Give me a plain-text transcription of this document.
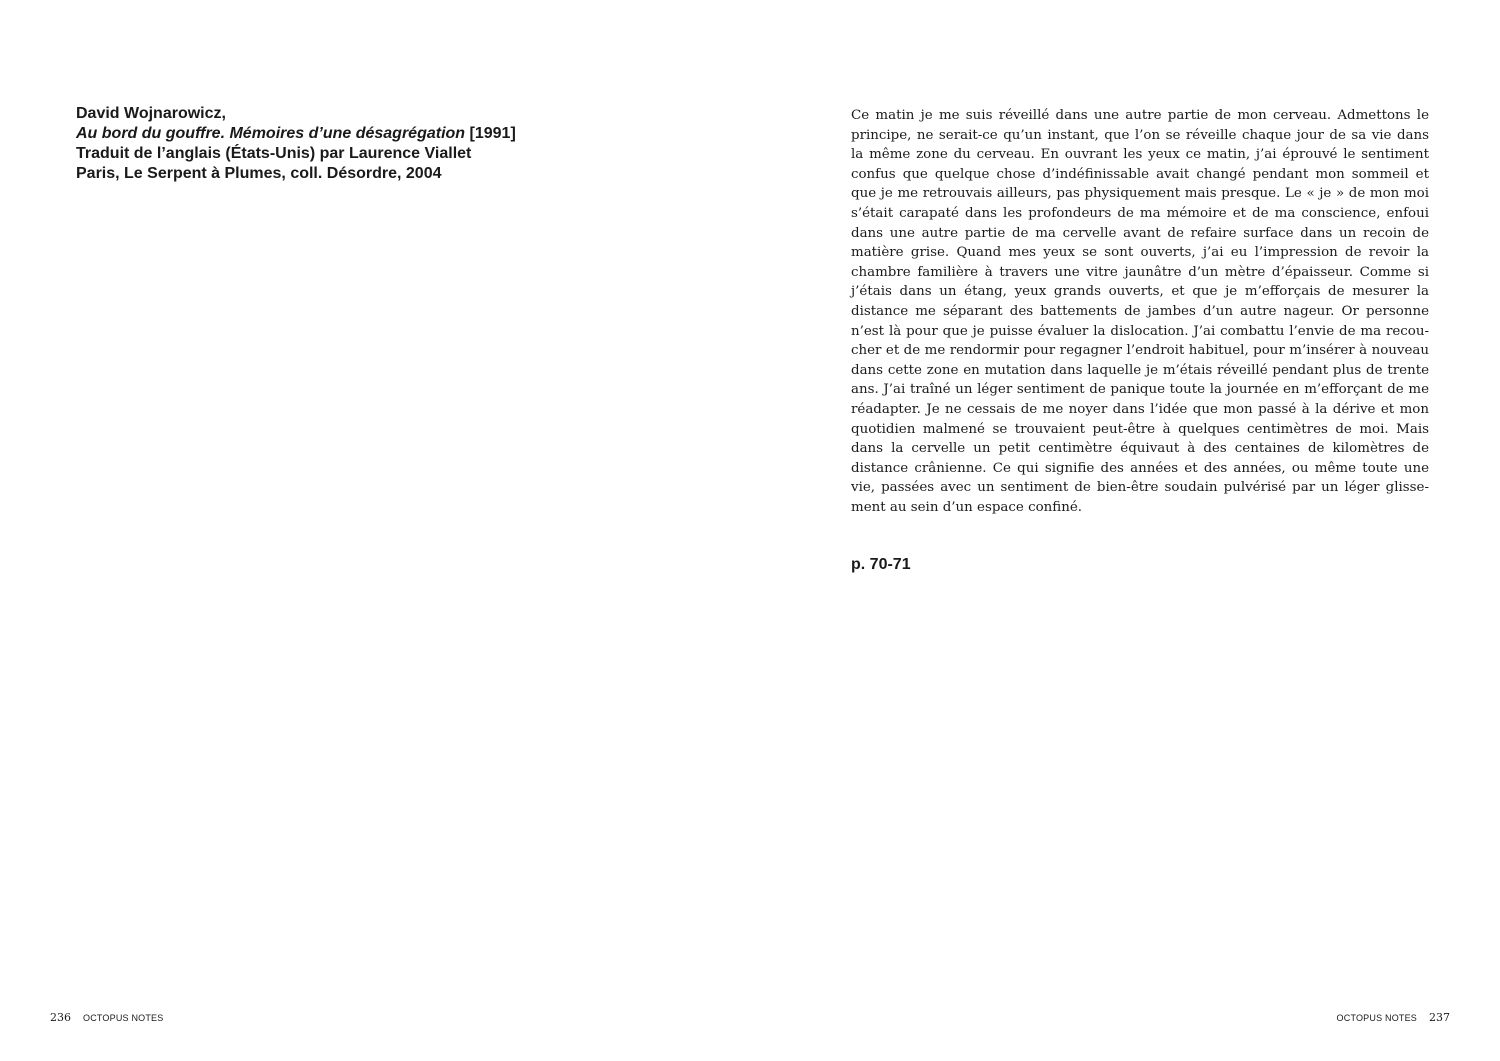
David Wojnarowicz,
Au bord du gouffre. Mémoires d’une désagrégation [1991]
Traduit de l’anglais (États-Unis) par Laurence Viallet
Paris, Le Serpent à Plumes, coll. Désordre, 2004
236 OCTOPUS NOTES
Ce matin je me suis réveillé dans une autre partie de mon cerveau. Admettons le
principe, ne serait-ce qu’un instant, que l’on se réveille chaque jour de sa vie dans
la même zone du cerveau. En ouvrant les yeux ce matin, j’ai éprouvé le sentiment
confus que quelque chose d’indéfinissable avait changé pendant mon sommeil et
que je me retrouvais ailleurs, pas physiquement mais presque. Le « je » de mon moi
s’était carapaté dans les profondeurs de ma mémoire et de ma conscience, enfoui
dans une autre partie de ma cervelle avant de refaire surface dans un recoin de
matière grise. Quand mes yeux se sont ouverts, j’ai eu l’impression de revoir la
chambre familière à travers une vitre jaunâtre d’un mètre d’épaisseur. Comme si
j’étais dans un étang, yeux grands ouverts, et que je m’efforçais de mesurer la
distance me séparant des battements de jambes d’un autre nageur. Or personne
n’est là pour que je puisse évaluer la dislocation. J’ai combattu l’envie de ma recou-
cher et de me rendormir pour regagner l’endroit habituel, pour m’insérer à nouveau
dans cette zone en mutation dans laquelle je m’étais réveillé pendant plus de trente
ans. J’ai traîné un léger sentiment de panique toute la journée en m’efforçant de me
réadapter. Je ne cessais de me noyer dans l’idée que mon passé à la dérive et mon
quotidien malmené se trouvaient peut-être à quelques centimètres de moi. Mais
dans la cervelle un petit centimètre équivaut à des centaines de kilomètres de
distance crânienne. Ce qui signifie des années et des années, ou même toute une
vie, passées avec un sentiment de bien-être soudain pulvérisé par un léger glisse-
ment au sein d’un espace confiné.
p. 70-71
OCTOPUS NOTES 237
